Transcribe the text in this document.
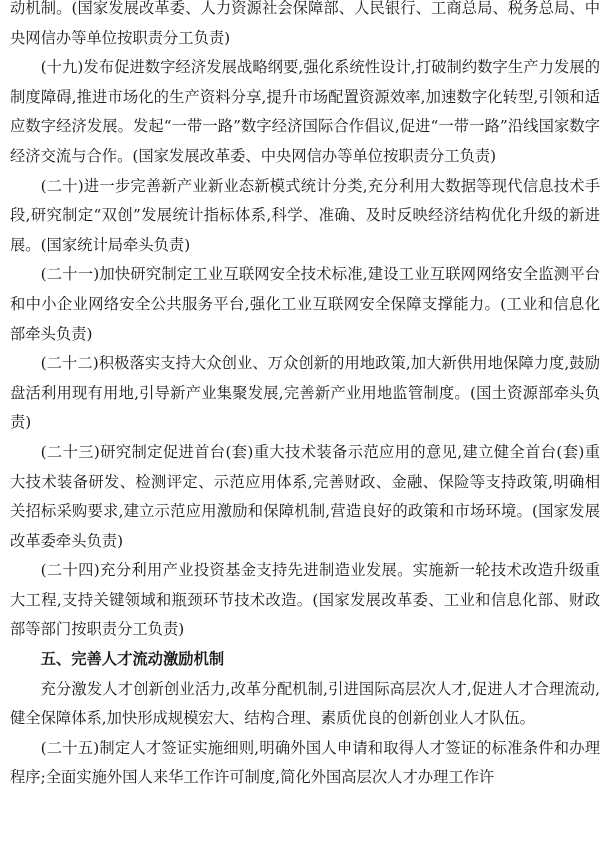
动机制。(国家发展改革委、人力资源社会保障部、人民银行、工商总局、税务总局、中央网信办等单位按职责分工负责)

(十九)发布促进数字经济发展战略纲要,强化系统性设计,打破制约数字生产力发展的制度障碍,推进市场化的生产资料分享,提升市场配置资源效率,加速数字化转型,引领和适应数字经济发展。发起“一带一路”数字经济国际合作倡议,促进“一带一路”沿线国家数字经济交流与合作。(国家发展改革委、中央网信办等单位按职责分工负责)

(二十)进一步完善新产业新业态新模式统计分类,充分利用大数据等现代信息技术手段,研究制定“双创”发展统计指标体系,科学、准确、及时反映经济结构优化升级的新进展。(国家统计局牵头负责)

(二十一)加快研究制定工业互联网安全技术标准,建设工业互联网网络安全监测平台和中小企业网络安全公共服务平台,强化工业互联网安全保障支撑能力。(工业和信息化部牵头负责)

(二十二)积极落实支持大众创业、万众创新的用地政策,加大新供用地保障力度,鼓励盘活利用现有用地,引导新产业集聚发展,完善新产业用地监管制度。(国土资源部牵头负责)

(二十三)研究制定促进首台(套)重大技术装备示范应用的意见,建立健全首台(套)重大技术装备研发、检测评定、示范应用体系,完善财政、金融、保险等支持政策,明确相关招标采购要求,建立示范应用激励和保障机制,营造良好的政策和市场环境。(国家发展改革委牵头负责)

(二十四)充分利用产业投资基金支持先进制造业发展。实施新一轮技术改造升级重大工程,支持关键领域和瓶颈环节技术改造。(国家发展改革委、工业和信息化部、财政部等部门按职责分工负责)

五、完善人才流动激励机制

充分激发人才创新创业活力,改革分配机制,引进国际高层次人才,促进人才合理流动,健全保障体系,加快形成规模宏大、结构合理、素质优良的创新创业人才队伍。

(二十五)制定人才签证实施细则,明确外国人申请和取得人才签证的标准条件和办理程序;全面实施外国人来华工作许可制度,简化外国高层次人才办理工作许
